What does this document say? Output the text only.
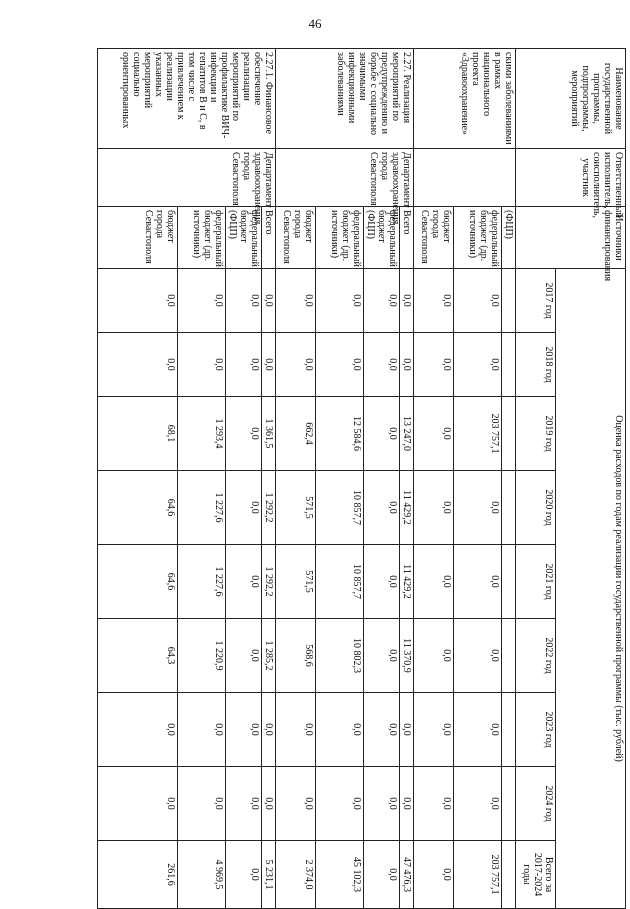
46
Наименование государственной программы, подпрограммы, мероприятий	Ответственный исполнитель, соисполнитель, участник	Источники финансирования	Оценка расходов по годам реализации государственной программы (тыс. рублей)								
			2017 год	2018 год	2019 год	2020 год	2021 год	2022 год	2023 год	2024 год	Всего за 2017-2024 годы
скими заболеваниями в рамках национального проекта «Здравоохранение»		(ФЦП)									
		федеральный бюджет (др. источники)	0,0	0,0	203 757,1	0,0	0,0	0,0	0,0	0,0	203 757,1
		бюджет города Севастополя	0,0	0,0	0,0	0,0	0,0	0,0	0,0	0,0	0,0
2.27. Реализация мероприятий по предупреждению и борьбе с социально значимыми инфекционными заболеваниями	Департамент здравоохранения города Севастополя	Всего	0,0	0,0	13 247,0	11 429,2	11 429,2	11 370,9	0,0	0,0	47 476,3
		федеральный бюджет (ФЦП)	0,0	0,0	0,0	0,0	0,0	0,0	0,0	0,0	0,0
		федеральный бюджет (др. источники)	0,0	0,0	12 584,6	10 857,7	10 857,7	10 802,3	0,0	0,0	45 102,3
		бюджет города Севастополя	0,0	0,0	662,4	571,5	571,5	568,6	0,0	0,0	2 374,0
2.27.1. Финансовое обеспечение реализации мероприятий по профилактике ВИЧ-инфекции и гепатитов В и С, в том числе с привлечением к реализации указанных мероприятий социально ориентированных	Департамент здравоохранения города Севастополя	Всего	0,0	0,0	1 361,5	1 292,2	1 292,2	1 285,2	0,0	0,0	5 231,1
		федеральный бюджет (ФЦП)	0,0	0,0	0,0	0,0	0,0	0,0	0,0	0,0	0,0
		федеральный бюджет (др. источники)	0,0	0,0	1 293,4	1 227,6	1 227,6	1 220,9	0,0	0,0	4 969,5
		бюджет города Севастополя	0,0	0,0	68,1	64,6	64,6	64,3	0,0	0,0	261,6
